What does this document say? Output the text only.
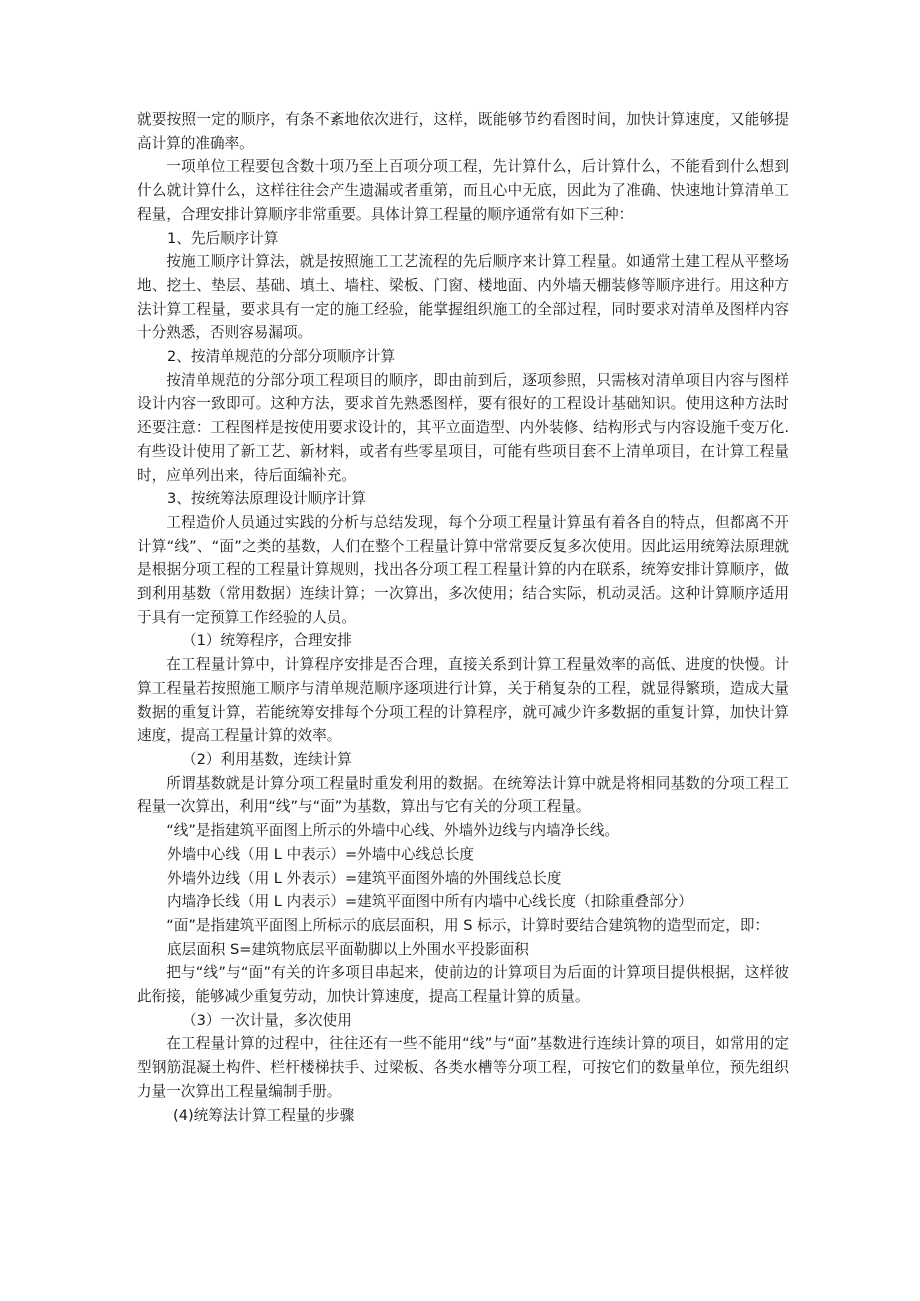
就要按照一定的顺序，有条不紊地依次进行，这样，既能够节约看图时间，加快计算速度，又能够提高计算的准确率。

一项单位工程要包含数十项乃至上百项分项工程，先计算什么，后计算什么，不能看到什么想到什么就计算什么，这样往往会产生遗漏或者重第，而且心中无底，因此为了准确、快速地计算清单工程量，合理安排计算顺序非常重要。具体计算工程量的顺序通常有如下三种：

1、先后顺序计算

按施工顺序计算法，就是按照施工工艺流程的先后顺序来计算工程量。如通常土建工程从平整场地、挖土、垫层、基础、填土、墙柱、梁板、门窗、楼地面、内外墙天棚装修等顺序进行。用这种方法计算工程量，要求具有一定的施工经验，能掌握组织施工的全部过程，同时要求对清单及图样内容十分熟悉，否则容易漏项。

2、按清单规范的分部分项顺序计算

按清单规范的分部分项工程项目的顺序，即由前到后，逐项参照，只需核对清单项目内容与图样设计内容一致即可。这种方法，要求首先熟悉图样，要有很好的工程设计基础知识。使用这种方法时还要注意：工程图样是按使用要求设计的，其平立面造型、内外装修、结构形式与内容设施千变万化.有些设计使用了新工艺、新材料，或者有些零星项目，可能有些项目套不上清单项目，在计算工程量时，应单列出来，待后面编补充。

3、按统筹法原理设计顺序计算

工程造价人员通过实践的分析与总结发现，每个分项工程量计算虽有着各自的特点，但都离不开计算“线”、“面”之类的基数，人们在整个工程量计算中常常要反复多次使用。因此运用统筹法原理就是根据分项工程的工程量计算规则，找出各分项工程工程量计算的内在联系，统筹安排计算顺序，做到利用基数（常用数据）连续计算；一次算出，多次使用；结合实际，机动灵活。这种计算顺序适用于具有一定预算工作经验的人员。

（1）统筹程序，合理安排

在工程量计算中，计算程序安排是否合理，直接关系到计算工程量效率的高低、进度的快慢。计算工程量若按照施工顺序与清单规范顺序逐项进行计算，关于稍复杂的工程，就显得繁琐，造成大量数据的重复计算，若能统筹安排每个分项工程的计算程序，就可减少许多数据的重复计算，加快计算速度，提高工程量计算的效率。

（2）利用基数，连续计算

所谓基数就是计算分项工程量时重发利用的数据。在统筹法计算中就是将相同基数的分项工程工程量一次算出，利用“线”与“面”为基数，算出与它有关的分项工程量。

“线”是指建筑平面图上所示的外墙中心线、外墙外边线与内墙净长线。

外墙中心线（用 L 中表示）=外墙中心线总长度

外墙外边线（用 L 外表示）=建筑平面图外墙的外围线总长度

内墙净长线（用 L 内表示）=建筑平面图中所有内墙中心线长度（扣除重叠部分）

“面”是指建筑平面图上所标示的底层面积，用 S 标示，计算时要结合建筑物的造型而定，即：

底层面积 S=建筑物底层平面勒脚以上外围水平投影面积

把与“线”与“面”有关的许多项目串起来，使前边的计算项目为后面的计算项目提供根据，这样彼此衔接，能够减少重复劳动，加快计算速度，提高工程量计算的质量。

（3）一次计量，多次使用

在工程量计算的过程中，往往还有一些不能用“线”与“面”基数进行连续计算的项目，如常用的定型钢筋混凝土构件、栏杆楼梯扶手、过梁板、各类水槽等分项工程，可按它们的数量单位，预先组织力量一次算出工程量编制手册。

(4)统筹法计算工程量的步骤
